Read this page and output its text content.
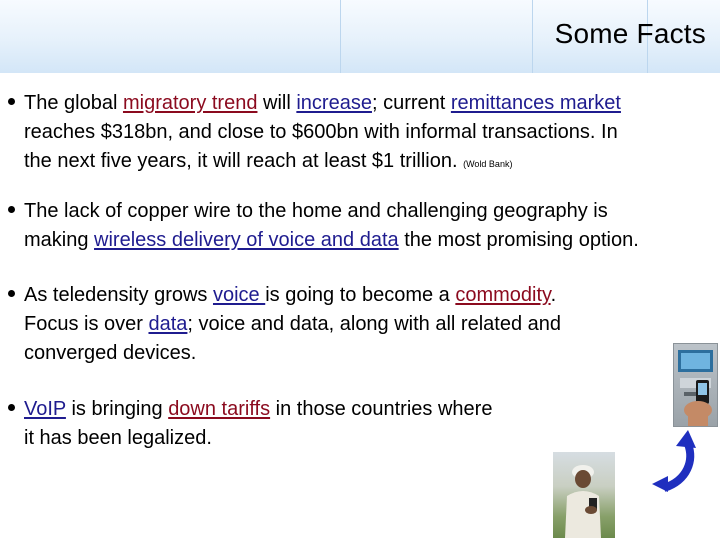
Some Facts
The global migratory trend will increase; current remittances market
reaches $318bn, and close to $600bn with informal transactions. In
the next five years, it will reach at least $1 trillion. (Wold Bank)
The lack of copper wire to the home and challenging geography is
making wireless delivery of voice and data the most promising option.
As teledensity grows voice is going to become a commodity.
Focus is over data; voice and data, along with all related and
converged devices.
VoIP is bringing down tariffs in those countries where
it has been legalized.
